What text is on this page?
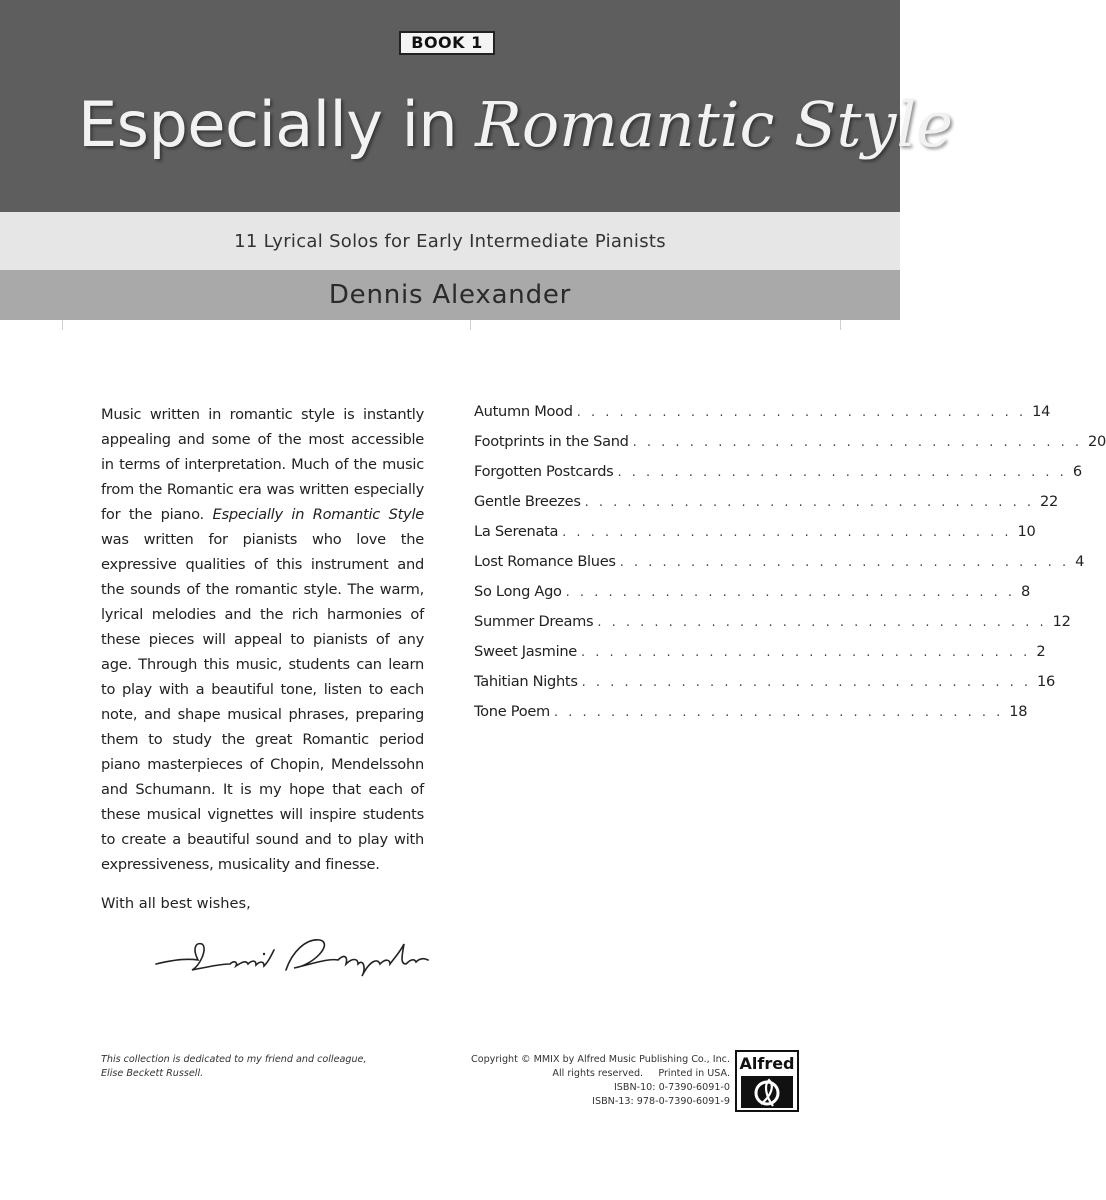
BOOK 1
Especially in Romantic Style
11 Lyrical Solos for Early Intermediate Pianists
Dennis Alexander
Music written in romantic style is instantly appealing and some of the most accessible in terms of interpretation. Much of the music from the Romantic era was written especially for the piano. Especially in Romantic Style was written for pianists who love the expressive qualities of this instrument and the sounds of the romantic style. The warm, lyrical melodies and the rich harmonies of these pieces will appeal to pianists of any age. Through this music, students can learn to play with a beautiful tone, listen to each note, and shape musical phrases, preparing them to study the great Romantic period piano masterpieces of Chopin, Mendelssohn and Schumann. It is my hope that each of these musical vignettes will inspire students to create a beautiful sound and to play with expressiveness, musicality and finesse.
With all best wishes,
Autumn Mood . . . . . . . . . . . . . . . . . . . . . . . . . . . . . . . . 14
Footprints in the Sand . . . . . . . . . . . . . . . . . . . . . . . . . . . . . . . . 20
Forgotten Postcards . . . . . . . . . . . . . . . . . . . . . . . . . . . . . . . . 6
Gentle Breezes . . . . . . . . . . . . . . . . . . . . . . . . . . . . . . . . 22
La Serenata . . . . . . . . . . . . . . . . . . . . . . . . . . . . . . . . 10
Lost Romance Blues . . . . . . . . . . . . . . . . . . . . . . . . . . . . . . . . 4
So Long Ago . . . . . . . . . . . . . . . . . . . . . . . . . . . . . . . . 8
Summer Dreams . . . . . . . . . . . . . . . . . . . . . . . . . . . . . . . . 12
Sweet Jasmine . . . . . . . . . . . . . . . . . . . . . . . . . . . . . . . . 2
Tahitian Nights . . . . . . . . . . . . . . . . . . . . . . . . . . . . . . . . 16
Tone Poem . . . . . . . . . . . . . . . . . . . . . . . . . . . . . . . . 18
This collection is dedicated to my friend and colleague,
Elise Beckett Russell.
Copyright © MMIX by Alfred Music Publishing Co., Inc.
All rights reserved.     Printed in USA.
ISBN-10: 0-7390-6091-0
ISBN-13: 978-0-7390-6091-9
Alfred
